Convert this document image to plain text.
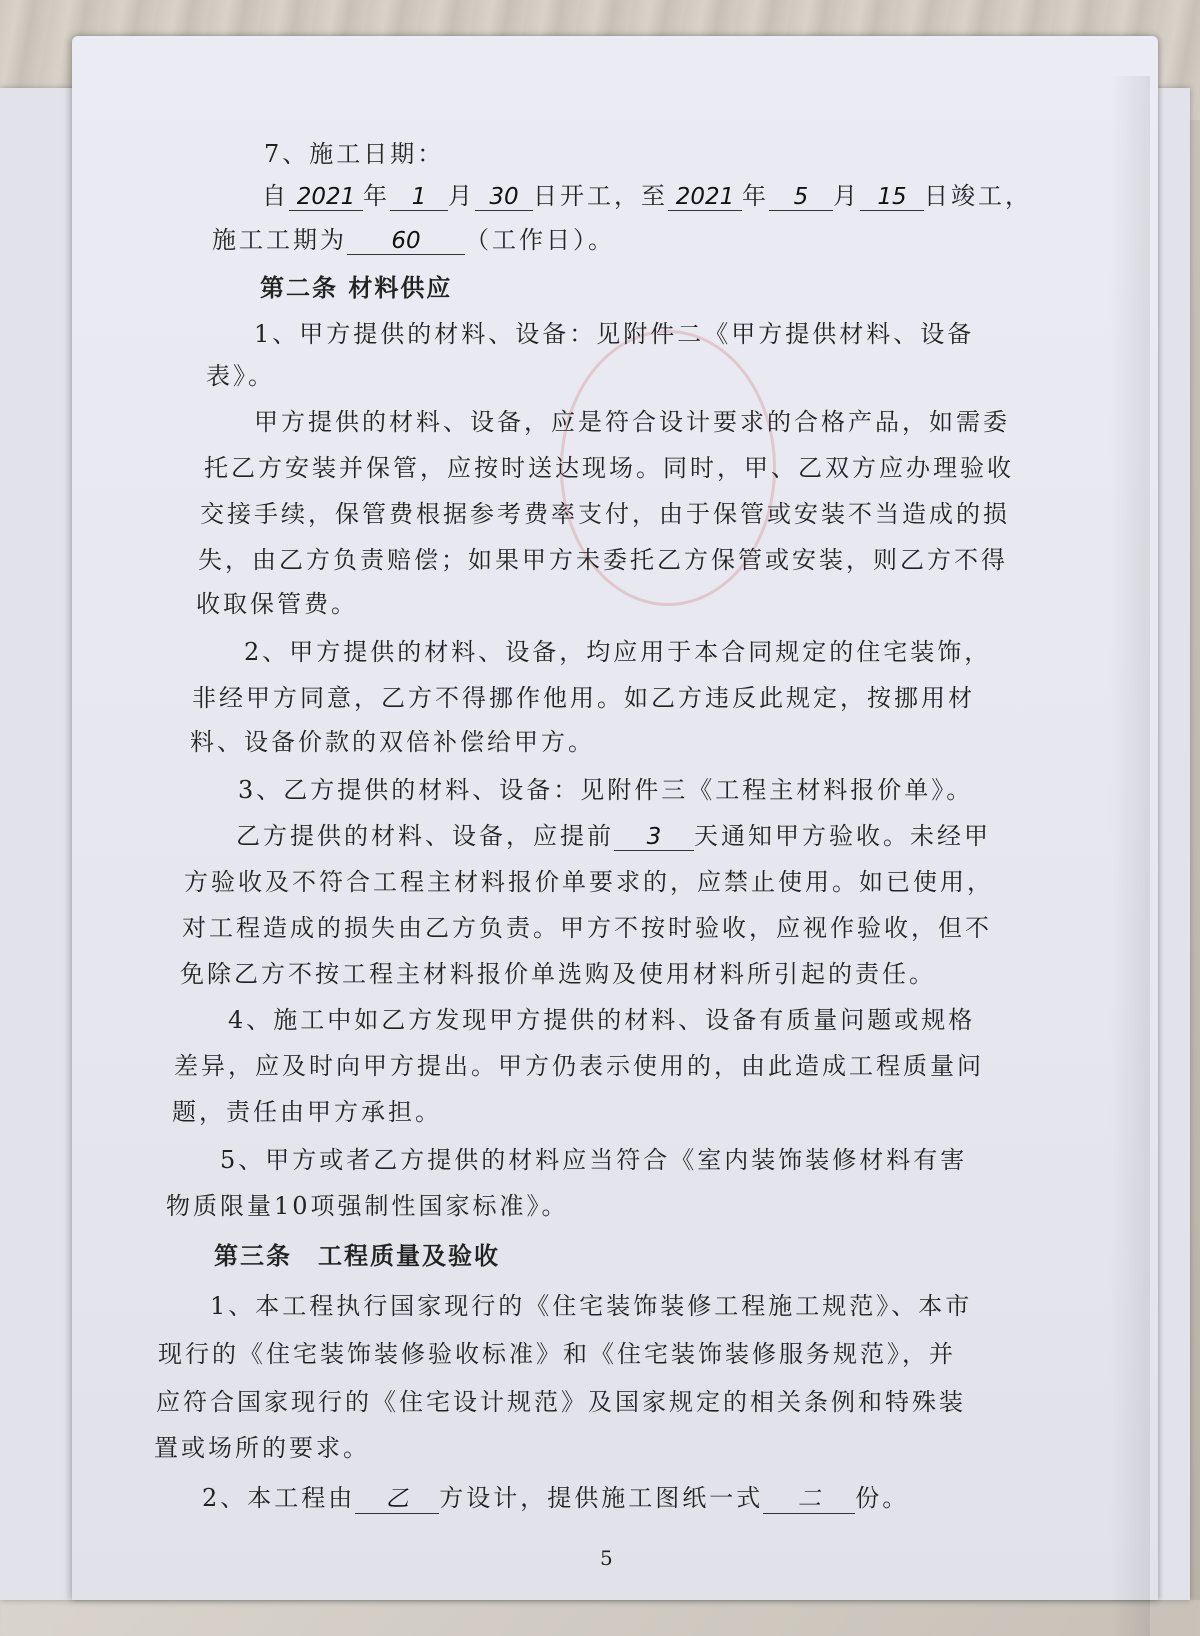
7、施工日期：
自 2021 年 1 月 30 日开工，至 2021 年 5 月 15 日竣工，
施工工期为 60 （工作日）。
第二条 材料供应
1、甲方提供的材料、设备：见附件二《甲方提供材料、设备
表》。
甲方提供的材料、设备，应是符合设计要求的合格产品，如需委
托乙方安装并保管，应按时送达现场。同时，甲、乙双方应办理验收
交接手续，保管费根据参考费率支付，由于保管或安装不当造成的损
失，由乙方负责赔偿；如果甲方未委托乙方保管或安装，则乙方不得
收取保管费。
2、甲方提供的材料、设备，均应用于本合同规定的住宅装饰，
非经甲方同意，乙方不得挪作他用。如乙方违反此规定，按挪用材
料、设备价款的双倍补偿给甲方。
3、乙方提供的材料、设备：见附件三《工程主材料报价单》。
乙方提供的材料、设备，应提前 3 天通知甲方验收。未经甲
方验收及不符合工程主材料报价单要求的，应禁止使用。如已使用，
对工程造成的损失由乙方负责。甲方不按时验收，应视作验收，但不
免除乙方不按工程主材料报价单选购及使用材料所引起的责任。
4、施工中如乙方发现甲方提供的材料、设备有质量问题或规格
差异，应及时向甲方提出。甲方仍表示使用的，由此造成工程质量问
题，责任由甲方承担。
5、甲方或者乙方提供的材料应当符合《室内装饰装修材料有害
物质限量10项强制性国家标准》。
第三条　工程质量及验收
1、本工程执行国家现行的《住宅装饰装修工程施工规范》、本市
现行的《住宅装饰装修验收标准》和《住宅装饰装修服务规范》，并
应符合国家现行的《住宅设计规范》及国家规定的相关条例和特殊装
置或场所的要求。
2、本工程由 乙 方设计，提供施工图纸一式 二 份。
5
